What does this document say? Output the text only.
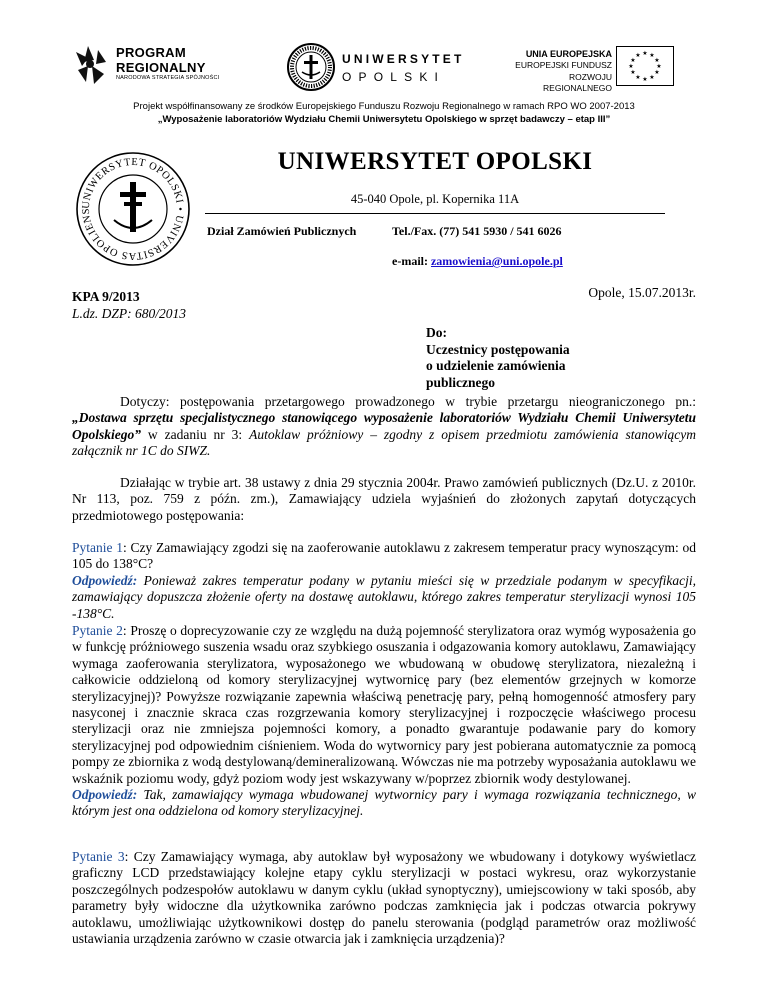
PROGRAM
REGIONALNY
NARODOWA STRATEGIA SPÓJNOŚCI
UNIWERSYTET
OPOLSKI
UNIA EUROPEJSKA
EUROPEJSKI FUNDUSZ
ROZWOJU REGIONALNEGO
★ ★
★
★
★
★
★
★
★
★
★
★
Projekt współfinansowany ze środków Europejskiego Funduszu Rozwoju Regionalnego w ramach RPO WO 2007-2013
„Wyposażenie laboratoriów Wydziału Chemii Uniwersytetu Opolskiego w sprzęt badawczy – etap III”
UNIWERSYTET OPOLSKI • UNIVERSITAS OPOLIENS
UNIWERSYTET OPOLSKI
45-040 Opole, pl. Kopernika 11A
Dział Zamówień Publicznych	Tel./Fax. (77) 541 5930 / 541 6026
e-mail: zamowienia@uni.opole.pl
Opole, 15.07.2013r.
KPA 9/2013
L.dz. DZP: 680/2013
Do:
Uczestnicy postępowania
o udzielenie zamówienia
publicznego
Dotyczy: postępowania przetargowego prowadzonego w trybie przetargu nieograniczonego pn.: „Dostawa sprzętu specjalistycznego stanowiącego wyposażenie laboratoriów Wydziału Chemii Uniwersytetu Opolskiego” w zadaniu nr 3: Autoklaw próżniowy – zgodny z opisem przedmiotu zamówienia stanowiącym załącznik nr 1C do SIWZ.
Działając w trybie art. 38 ustawy z dnia 29 stycznia 2004r. Prawo zamówień publicznych (Dz.U. z 2010r. Nr 113, poz. 759 z późn. zm.), Zamawiający udziela wyjaśnień do złożonych zapytań dotyczących przedmiotowego postępowania:
Pytanie 1: Czy Zamawiający zgodzi się na zaoferowanie autoklawu z zakresem temperatur pracy wynoszącym: od 105 do 138°C?
Odpowiedź: Ponieważ zakres temperatur podany w pytaniu mieści się w przedziale podanym w specyfikacji, zamawiający dopuszcza złożenie oferty na dostawę autoklawu, którego zakres temperatur sterylizacji wynosi 105 -138°C.
Pytanie 2: Proszę o doprecyzowanie czy ze względu na dużą pojemność sterylizatora oraz wymóg wyposażenia go w funkcję próżniowego suszenia wsadu oraz szybkiego osuszania i odgazowania komory autoklawu, Zamawiający wymaga zaoferowania sterylizatora, wyposażonego we wbudowaną w obudowę sterylizatora, niezależną i całkowicie oddzieloną od komory sterylizacyjnej wytwornicę pary (bez elementów grzejnych w komorze sterylizacyjnej)? Powyższe rozwiązanie zapewnia właściwą penetrację pary, pełną homogenność atmosfery pary nasyconej i znacznie skraca czas rozgrzewania komory sterylizacyjnej i rozpoczęcie właściwego procesu sterylizacji oraz nie zmniejsza pojemności komory, a ponadto gwarantuje podawanie pary do komory sterylizacyjnej pod odpowiednim ciśnieniem. Woda do wytwornicy pary jest pobierana automatycznie za pomocą pompy ze zbiornika z wodą destylowaną/demineralizowaną. Wówczas nie ma potrzeby wyposażania autoklawu we wskaźnik poziomu wody, gdyż poziom wody jest wskazywany w/poprzez zbiornik wody destylowanej.
Odpowiedź: Tak, zamawiający wymaga wbudowanej wytwornicy pary i wymaga rozwiązania technicznego, w którym jest ona oddzielona od komory sterylizacyjnej.
Pytanie 3: Czy Zamawiający wymaga, aby autoklaw był wyposażony we wbudowany i dotykowy wyświetlacz graficzny LCD przedstawiający kolejne etapy cyklu sterylizacji w postaci wykresu, oraz wykorzystanie poszczególnych podzespołów autoklawu w danym cyklu (układ synoptyczny), umiejscowiony w taki sposób, aby parametry były widoczne dla użytkownika zarówno podczas zamknięcia jak i podczas otwarcia pokrywy autoklawu, umożliwiając użytkownikowi dostęp do panelu sterowania (podgląd parametrów oraz możliwość ustawiania urządzenia zarówno w czasie otwarcia jak i zamknięcia urządzenia)?
